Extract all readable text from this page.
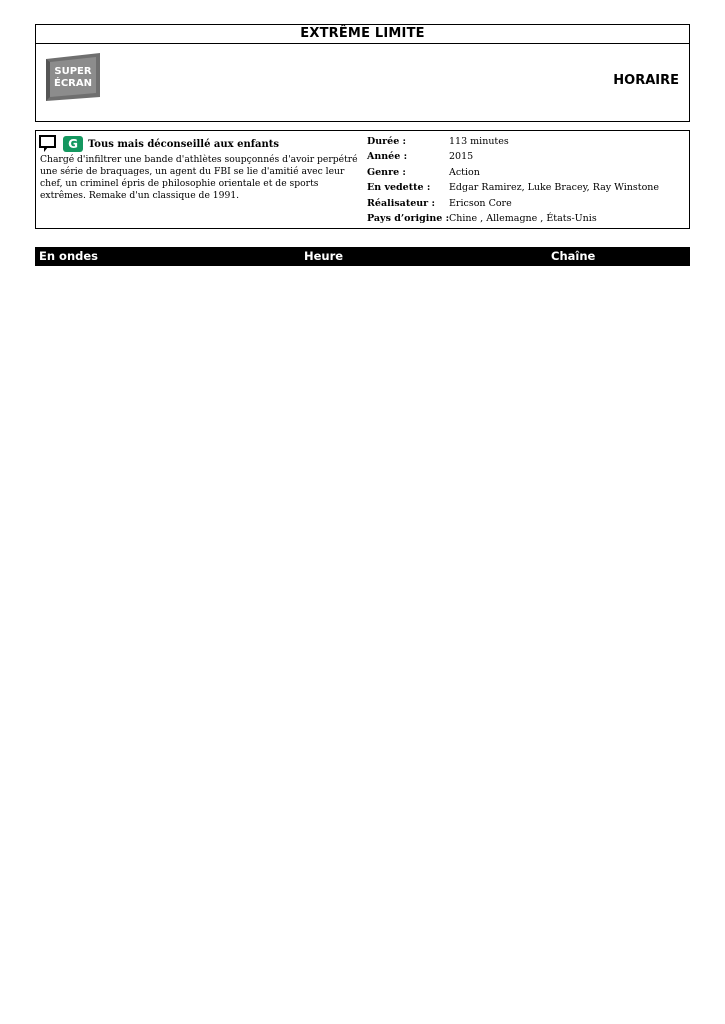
EXTRÊME LIMITE
SUPER
ÉCRAN	HORAIRE
G	Tous mais déconseillé aux enfants
Chargé d'infiltrer une bande d'athlètes soupçonnés d'avoir perpétré une série de braquages, un agent du FBI se lie d'amitié avec leur chef, un criminel épris de philosophie orientale et de sports extrêmes. Remake d'un classique de 1991.
Durée :	113 minutes
Année :	2015
Genre :	Action
En vedette : Edgar Ramirez, Luke Bracey, Ray Winstone
Réalisateur : Ericson Core
Pays d’origine : Chine , Allemagne , États-Unis
En ondes	Heure	Chaîne
